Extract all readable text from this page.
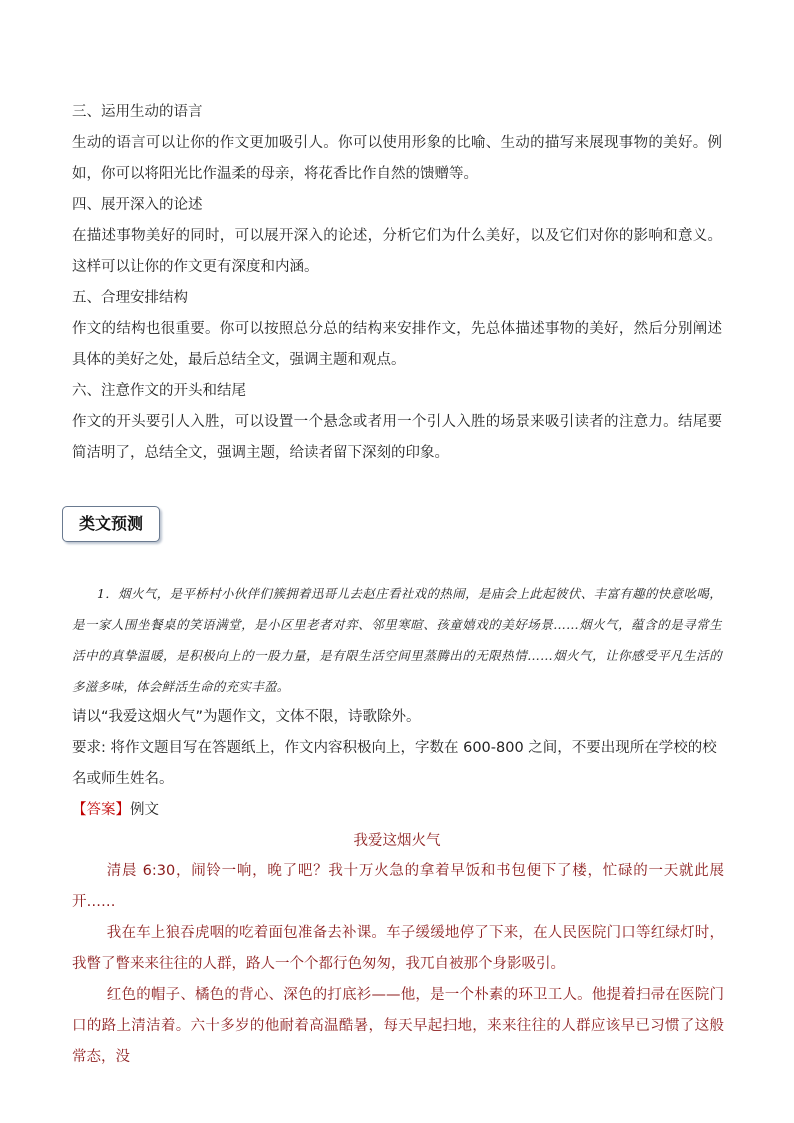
三、运用生动的语言

生动的语言可以让你的作文更加吸引人。你可以使用形象的比喻、生动的描写来展现事物的美好。例如，你可以将阳光比作温柔的母亲，将花香比作自然的馈赠等。

四、展开深入的论述

在描述事物美好的同时，可以展开深入的论述，分析它们为什么美好，以及它们对你的影响和意义。这样可以让你的作文更有深度和内涵。

五、合理安排结构

作文的结构也很重要。你可以按照总分总的结构来安排作文，先总体描述事物的美好，然后分别阐述具体的美好之处，最后总结全文，强调主题和观点。

六、注意作文的开头和结尾

作文的开头要引人入胜，可以设置一个悬念或者用一个引人入胜的场景来吸引读者的注意力。结尾要简洁明了，总结全文，强调主题，给读者留下深刻的印象。

类文预测

1．烟火气，是平桥村小伙伴们簇拥着迅哥儿去赵庄看社戏的热闹，是庙会上此起彼伏、丰富有趣的快意吆喝，是一家人围坐餐桌的笑语满堂，是小区里老者对弈、邻里寒暄、孩童嬉戏的美好场景……烟火气，蕴含的是寻常生活中的真挚温暖，是积极向上的一股力量，是有限生活空间里蒸腾出的无限热情……烟火气，让你感受平凡生活的多滋多味，体会鲜活生命的充实丰盈。

请以“我爱这烟火气”为题作文，文体不限，诗歌除外。

要求: 将作文题目写在答题纸上，作文内容积极向上，字数在 600-800 之间，不要出现所在学校的校名或师生姓名。

【答案】例文

我爱这烟火气

清晨 6:30，闹铃一响，晚了吧？我十万火急的拿着早饭和书包便下了楼，忙碌的一天就此展开……

我在车上狼吞虎咽的吃着面包准备去补课。车子缓缓地停了下来，在人民医院门口等红绿灯时，我瞥了瞥来来往往的人群，路人一个个都行色匆匆，我兀自被那个身影吸引。

红色的帽子、橘色的背心、深色的打底衫——他，是一个朴素的环卫工人。他提着扫帚在医院门口的路上清洁着。六十多岁的他耐着高温酷暑，每天早起扫地，来来往往的人群应该早已习惯了这般常态，没
